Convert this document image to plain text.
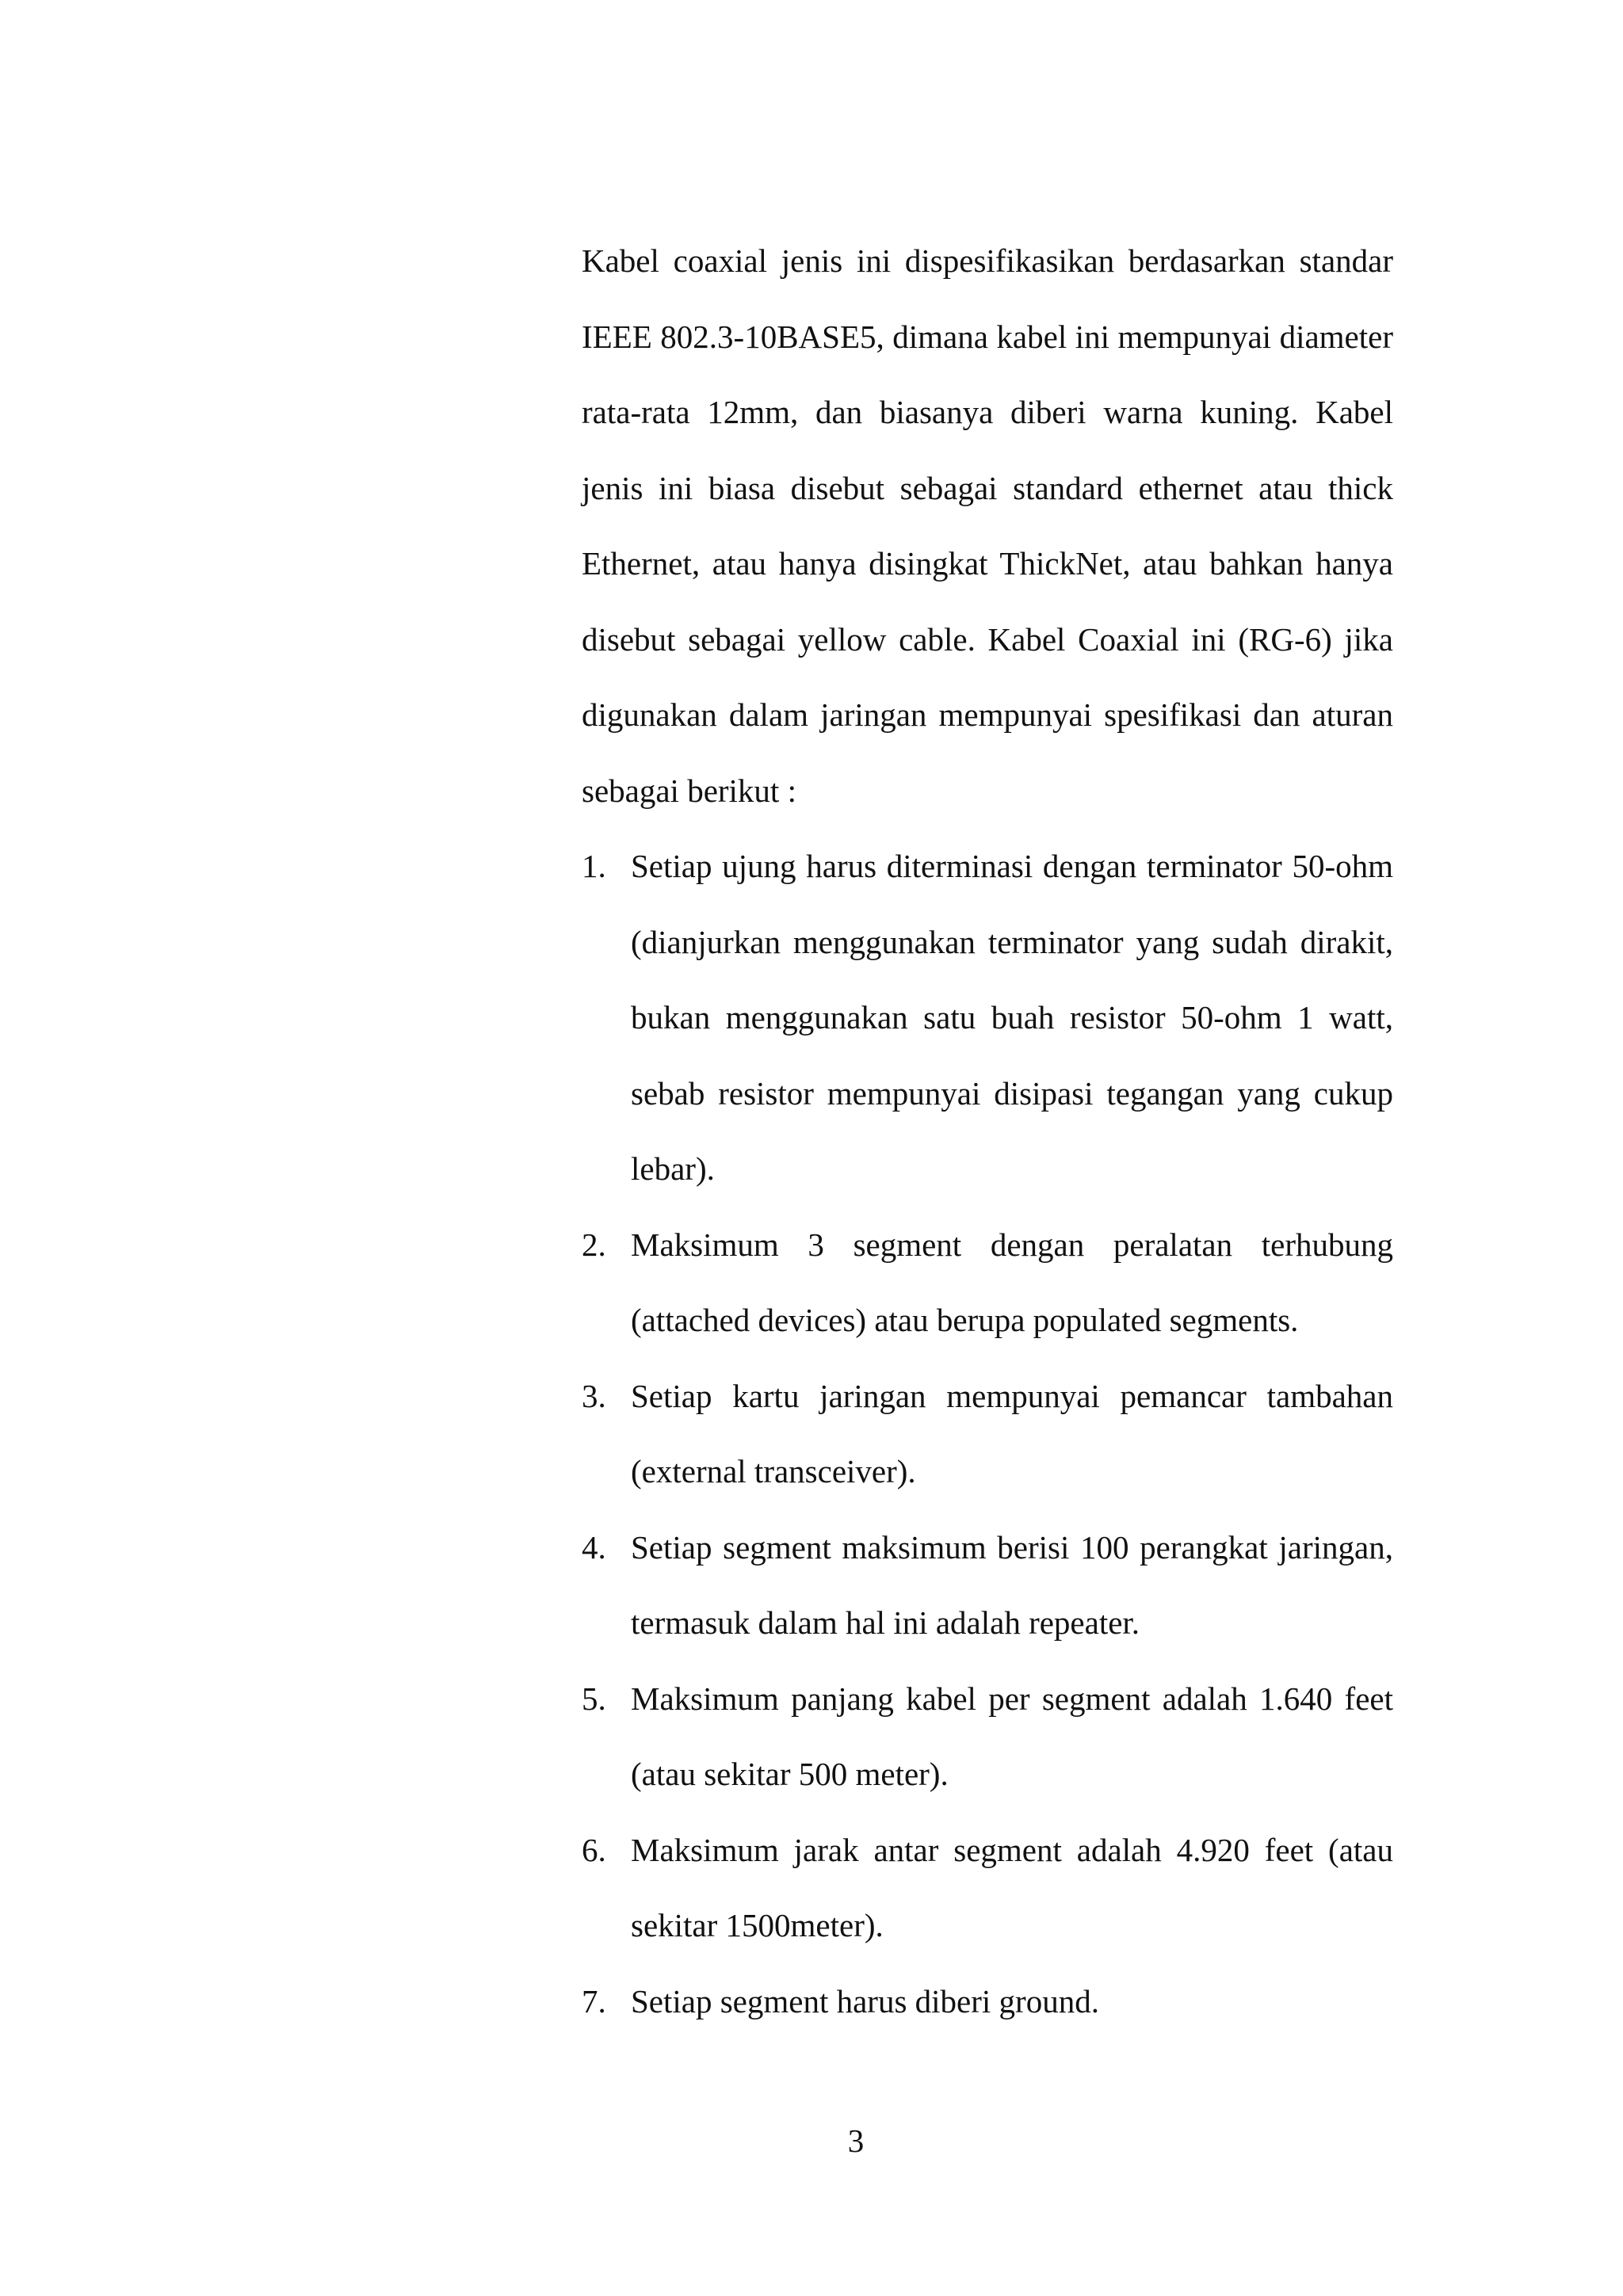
Kabel coaxial jenis ini dispesifikasikan berdasarkan standar IEEE 802.3-10BASE5, dimana kabel ini mempunyai diameter rata-rata 12mm, dan biasanya diberi warna kuning. Kabel jenis ini biasa disebut sebagai standard ethernet atau thick Ethernet, atau hanya disingkat ThickNet, atau bahkan hanya disebut sebagai yellow cable. Kabel Coaxial ini (RG-6) jika digunakan dalam jaringan mempunyai spesifikasi dan aturan sebagai berikut :

1. Setiap ujung harus diterminasi dengan terminator 50-ohm (dianjurkan menggunakan terminator yang sudah dirakit, bukan menggunakan satu buah resistor 50-ohm 1 watt, sebab resistor mempunyai disipasi tegangan yang cukup lebar).
2. Maksimum 3 segment dengan peralatan terhubung (attached devices) atau berupa populated segments.
3. Setiap kartu jaringan mempunyai pemancar tambahan (external transceiver).
4. Setiap segment maksimum berisi 100 perangkat jaringan, termasuk dalam hal ini adalah repeater.
5. Maksimum panjang kabel per segment adalah 1.640 feet (atau sekitar 500 meter).
6. Maksimum jarak antar segment adalah 4.920 feet (atau sekitar 1500meter).
7. Setiap segment harus diberi ground.
3
